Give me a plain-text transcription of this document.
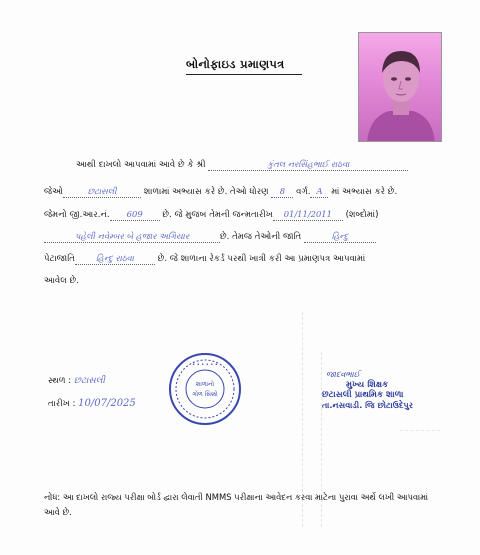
બોનોફાઇડ પ્રમાણપત્ર
આથી દાખલો આપવામાં આવે છે કે શ્રી	કુંતલ નરસિંહભાઈ રાઠવા
જેઓ	છટાસલી	શાળામાં અભ્યાસ કરે છે. તેઓ ધોરણ 8 વર્ગ. A માં અભ્યાસ કરે છે.
જેમનો જી.આર.નં. 609 છે. જે મુજબ તેમની જન્મતારીખ 01/11/2011 (શબ્દોમાં)
પહેલી નવેમ્બર બે હજાર અગિયાર	છે. તેમજ તેઓની જાતિ	હિન્દુ
પેટાજાતિ	હિન્દુ રાઠવા	છે. જે શાળાના રેકર્ડ પરથી ખાત્રી કરી આ પ્રમાણપત્ર આપવામાં
આવેલ છે.
શાળાનો
ગોળ સિક્કો
• • • • • •
સ્થળ : છટાસલી
તારીખ : 10/07/2025
જાદવભાઈ
મુખ્ય શિક્ષક
છટાસલી પ્રાથમિક શાળા
તા.નસવાડી. જિ છોટાઉદેપુર
નોંધ: આ દાખલો રાજ્ય પરીક્ષા બોર્ડ દ્વારા લેવાતી NMMS પરીક્ષાના આવેદન કરવા માટેના પુરાવા અર્થે લખી આપવામાં આવે છે.
